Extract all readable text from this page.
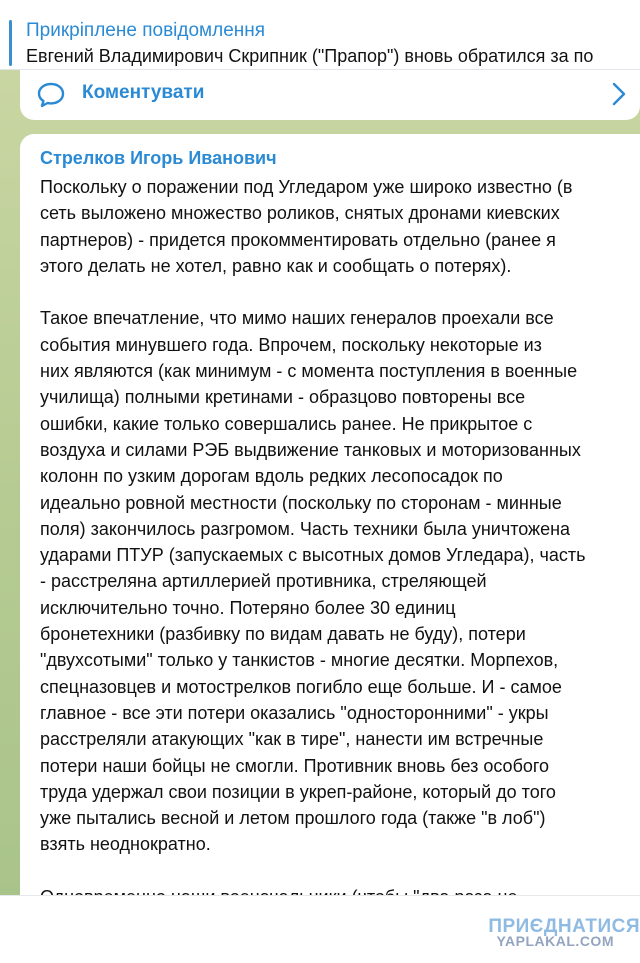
Прикріплене повідомлення
Евгений Владимирович Скрипник ("Прапор") вновь обратился за по
Коментувати
Стрелков Игорь Иванович

Поскольку о поражении под Угледаром уже широко известно (в
сеть выложено множество роликов, снятых дронами киевских
партнеров) - придется прокомментировать отдельно (ранее я
этого делать не хотел, равно как и сообщать о потерях).

Такое впечатление, что мимо наших генералов проехали все
события минувшего года. Впрочем, поскольку некоторые из
них являются (как минимум - с момента поступления в военные
училища) полными кретинами - образцово повторены все
ошибки, какие только совершались ранее. Не прикрытое с
воздуха и силами РЭБ выдвижение танковых и моторизованных
колонн по узким дорогам вдоль редких лесопосадок по
идеально ровной местности (поскольку по сторонам - минные
поля) закончилось разгромом. Часть техники была уничтожена
ударами ПТУР (запускаемых с высотных домов Угледара), часть
- расстреляна артиллерией противника, стреляющей
исключительно точно. Потеряно более 30 единиц
бронетехники (разбивку по видам давать не буду), потери
"двухсотыми" только у танкистов - многие десятки. Морпехов,
спецназовцев и мотострелков погибло еще больше. И - самое
главное - все эти потери оказались "односторонними" - укры
расстреляли атакующих "как в тире", нанести им встречные
потери наши бойцы не смогли. Противник вновь без особого
труда удержал свои позиции в укреп-районе, который до того
уже пытались весной и летом прошлого года (также "в лоб")
взять неоднократно.

ПРИЄДНАТИСЯ
YAPLAKAL.COM
